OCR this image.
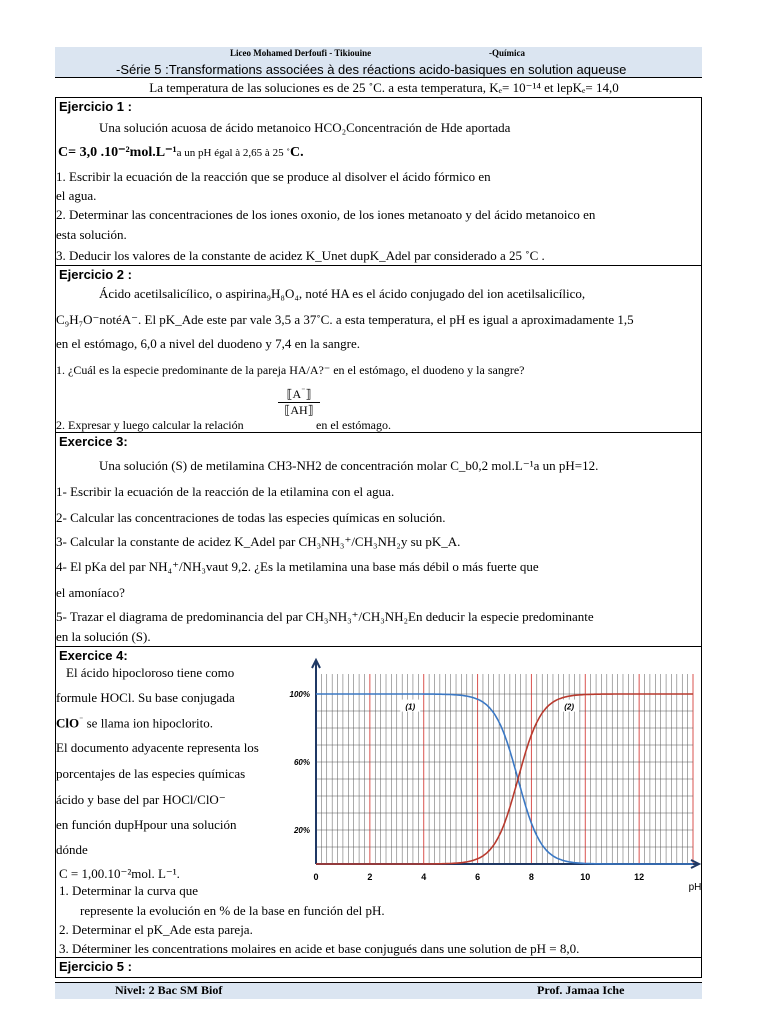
Liceo Mohamed Derfoufi - Tikiouine	-Química
-Série 5 :Transformations associées à des réactions acido-basiques en solution aqueuse
La temperatura de las soluciones es de 25 ˚C. a esta temperatura, Kₑ= 10⁻¹⁴ et lepKₑ= 14,0
Ejercicio 1 :
Una solución acuosa de ácido metanoico HCO₂Concentración de Hde aportada
C= 3,0 .10⁻²mol.L⁻¹a un pH égal à 2,65 à 25 ˚C.
1. Escribir la ecuación de la reacción que se produce al disolver el ácido fórmico en
el agua.
2. Determinar las concentraciones de los iones oxonio, de los iones metanoato y del ácido metanoico en
esta solución.
3. Deducir los valores de la constante de acidez K_Unet dupK_Adel par considerado a 25 ˚C .
Ejercicio 2 :
Ácido acetilsalicílico, o aspirina₉H₈O₄, noté HA es el ácido conjugado del ion acetilsalicílico,
C₉H₇O⁻notéA⁻. El pK_Ade este par vale 3,5 a 37˚C. a esta temperatura, el pH es igual a aproximadamente 1,5
en el estómago, 6,0 a nivel del duodeno y 7,4 en la sangre.
1. ¿Cuál es la especie predominante de la pareja HA/A?⁻ en el estómago, el duodeno y la sangre?
2. Expresar y luego calcular la relación
$\frac{⟦A^{^-}⟧}{⟦AH⟧}$
en el estómago.
Exercice 3:
Una solución (S) de metilamina CH3-NH2 de concentración molar C_b0,2 mol.L⁻¹a un pH=12.
1- Escribir la ecuación de la reacción de la etilamina con el agua.
2- Calcular las concentraciones de todas las especies químicas en solución.
3- Calcular la constante de acidez K_Adel par CH₃NH₃⁺/CH₃NH₂y su pK_A.
4- El pKa del par NH₄⁺/NH₃vaut 9,2. ¿Es la metilamina una base más débil o más fuerte que
el amoníaco?
5- Trazar el diagrama de predominancia del par CH₃NH₃⁺/CH₃NH₂En deducir la especie predominante
en la solución (S).
Exercice 4:
El ácido hipocloroso tiene como
formule HOCl. Su base conjugada
ClO⁻ se llama ion hipoclorito.
El documento adyacente representa los
porcentajes de las especies químicas
ácido y base del par HOCl/ClO⁻
en función dupHpour una solución
dónde
C = 1,00.10⁻²mol. L⁻¹.
1. Determinar la curva que
represente la evolución en % de la base en función del pH.
2. Determinar el pK_Ade esta pareja.
3. Déterminer les concentrations molaires en acide et base conjugués dans une solution de pH = 8,0.
0	2	4	6	8	10	12
20%
60%
100%
pH
(1)	(2)
Ejercicio 5 :
Nivel: 2 Bac SM Biof	Prof. Jamaa Iche
